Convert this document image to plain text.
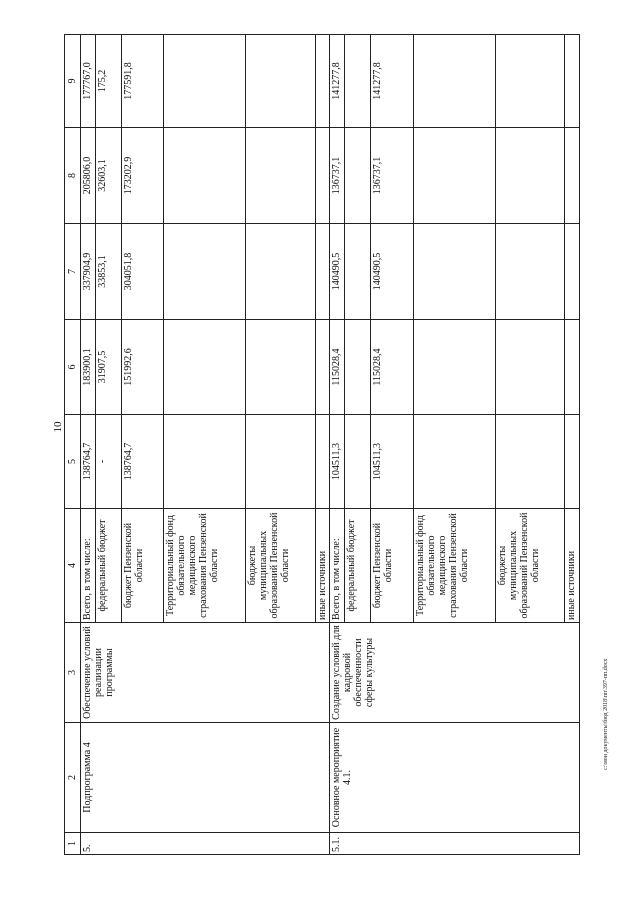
10
1	2	3	4	5	6	7	8	9
5.	Подпрограмма 4	Обеспечение условий реализации программы	Всего, в том числе:	138764,7	183900,1	337904,9	205806,0	177767,0
			федеральный бюджет	-	31907,5	33853,1	32603,1	175,2
			бюджет Пензенской области	138764,7	151992,6	304051,8	173202,9	177591,8
			Территориальный фонд обязательного медицинского страхования Пензенской области					
			бюджеты муниципальных образований Пензенской области					
			иные источники					
5.1.	Основное мероприятие 4.1.	Создание условий для кадровой обеспеченности сферы культуры	Всего, в том числе:	104511,3	115028,4	140490,5	136737,1	141277,8
			федеральный бюджет					
			бюджет Пензенской области	104511,3	115028,4	140490,5	136737,1	141277,8
			Территориальный фонд обязательного медицинского страхования Пензенской области					
			бюджеты муниципальных образований Пензенской области					
			иные источники					
c:\мои документы\бюд 2018\пп\397-пп.docx
